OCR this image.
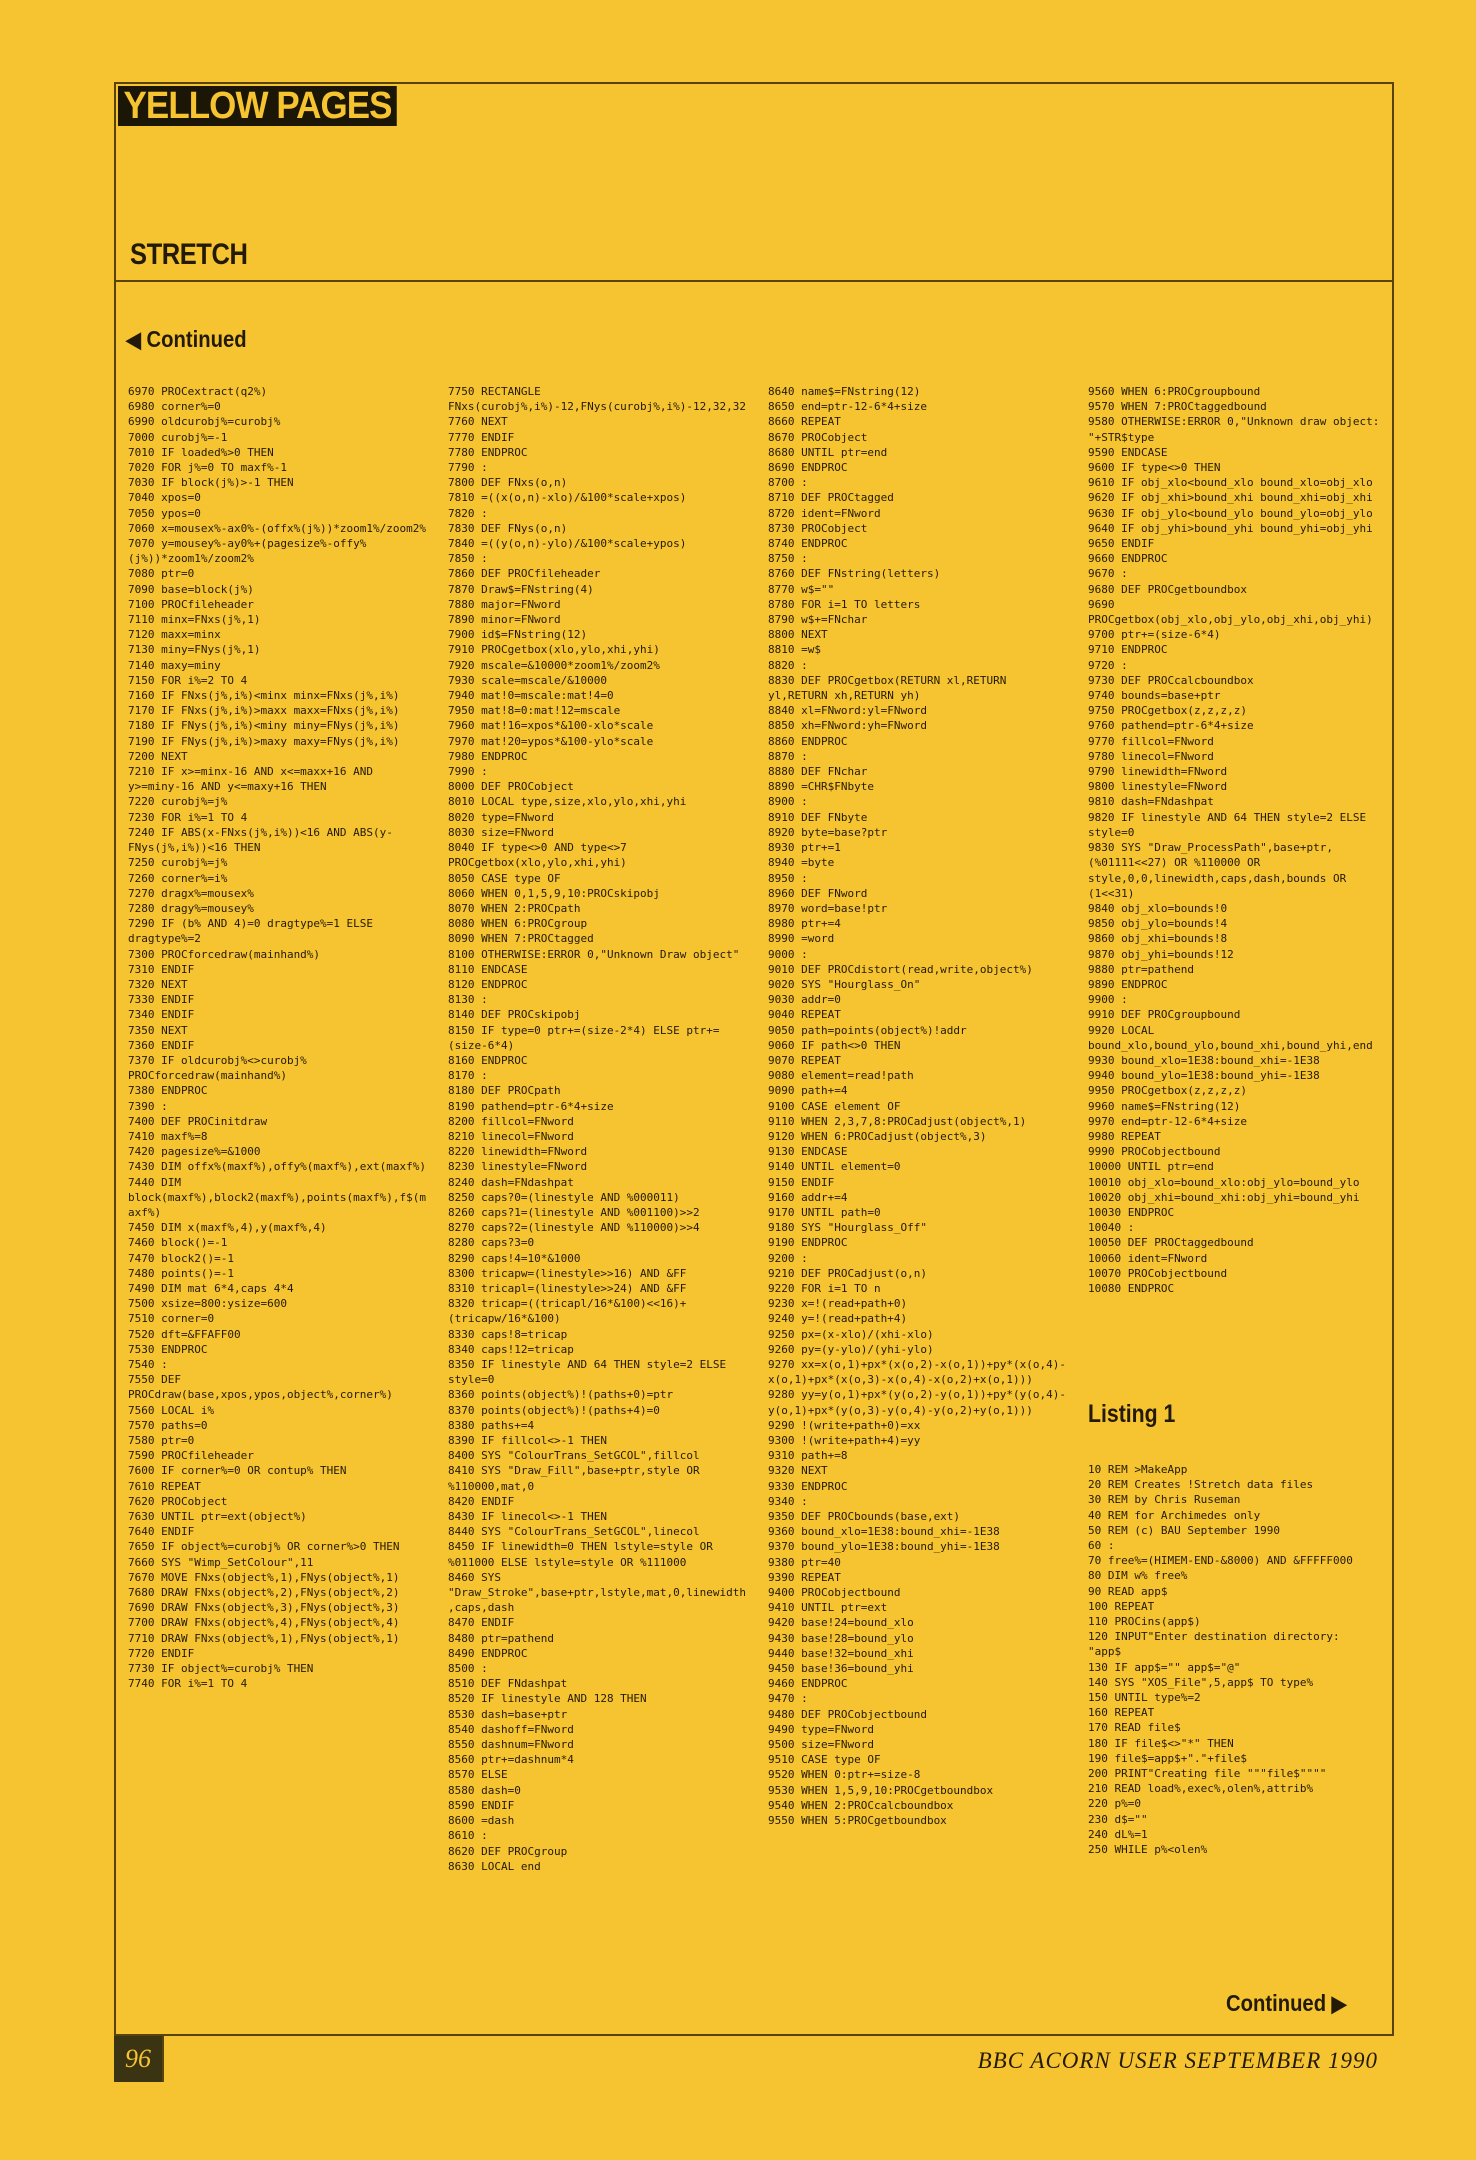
YELLOW PAGES
STRETCH
◀ Continued
6970 PROCextract(q2%)
6980 corner%=0
6990 oldcurobj%=curobj%
7000 curobj%=-1
7010 IF loaded%>0 THEN
7020 FOR j%=0 TO maxf%-1
7030 IF block(j%)>-1 THEN
7040 xpos=0
7050 ypos=0
7060 x=mousex%-ax0%-(offx%(j%))*zoom1%/zoom2%
7070 y=mousey%-ay0%+(pagesize%-offy%(j%))*zoom1%/zoom2%
7080 ptr=0
7090 base=block(j%)
7100 PROCfileheader
7110 minx=FNxs(j%,1)
7120 maxx=minx
7130 miny=FNys(j%,1)
7140 maxy=miny
7150 FOR i%=2 TO 4
7160 IF FNxs(j%,i%)<minx minx=FNxs(j%,i%)
7170 IF FNxs(j%,i%)>maxx maxx=FNxs(j%,i%)
7180 IF FNys(j%,i%)<miny miny=FNys(j%,i%)
7190 IF FNys(j%,i%)>maxy maxy=FNys(j%,i%)
7200 NEXT
7210 IF x>=minx-16 AND x<=maxx+16 AND y>=miny-16 AND y<=maxy+16 THEN
7220 curobj%=j%
7230 FOR i%=1 TO 4
7240 IF ABS(x-FNxs(j%,i%))<16 AND ABS(y-FNys(j%,i%))<16 THEN
7250 curobj%=j%
7260 corner%=i%
7270 dragx%=mousex%
7280 dragy%=mousey%
7290 IF (b% AND 4)=0 dragtype%=1 ELSE dragtype%=2
7300 PROCforcedraw(mainhand%)
7310 ENDIF
7320 NEXT
7330 ENDIF
7340 ENDIF
7350 NEXT
7360 ENDIF
7370 IF oldcurobj%<>curobj% PROCforcedraw(mainhand%)
7380 ENDPROC
7390 :
7400 DEF PROCinitdraw
7410 maxf%=8
7420 pagesize%=&1000
7430 DIM offx%(maxf%),offy%(maxf%),ext(maxf%)
7440 DIM block(maxf%),block2(maxf%),points(maxf%),f$(maxf%)
7450 DIM x(maxf%,4),y(maxf%,4)
7460 block()=-1
7470 block2()=-1
7480 points()=-1
7490 DIM mat 6*4,caps 4*4
7500 xsize=800:ysize=600
7510 corner=0
7520 dft=&FFAFF00
7530 ENDPROC
7540 :
7550 DEF PROCdraw(base,xpos,ypos,object%,corner%)
7560 LOCAL i%
7570 paths=0
7580 ptr=0
7590 PROCfileheader
7600 IF corner%=0 OR contup% THEN
7610 REPEAT
7620 PROCobject
7630 UNTIL ptr=ext(object%)
7640 ENDIF
7650 IF object%=curobj% OR corner%>0 THEN
7660 SYS "Wimp_SetColour",11
7670 MOVE FNxs(object%,1),FNys(object%,1)
7680 DRAW FNxs(object%,2),FNys(object%,2)
7690 DRAW FNxs(object%,3),FNys(object%,3)
7700 DRAW FNxs(object%,4),FNys(object%,4)
7710 DRAW FNxs(object%,1),FNys(object%,1)
7720 ENDIF
7730 IF object%=curobj% THEN
7740 FOR i%=1 TO 4
7750 RECTANGLE FNxs(curobj%,i%)-12,FNys(curobj%,i%)-12,32,32
7760 NEXT
7770 ENDIF
7780 ENDPROC
7790 :
7800 DEF FNxs(o,n)
7810 =((x(o,n)-xlo)/&100*scale+xpos)
7820 :
7830 DEF FNys(o,n)
7840 =((y(o,n)-ylo)/&100*scale+ypos)
7850 :
7860 DEF PROCfileheader
7870 Draw$=FNstring(4)
7880 major=FNword
7890 minor=FNword
7900 id$=FNstring(12)
7910 PROCgetbox(xlo,ylo,xhi,yhi)
7920 mscale=&10000*zoom1%/zoom2%
7930 scale=mscale/&10000
7940 mat!0=mscale:mat!4=0
7950 mat!8=0:mat!12=mscale
7960 mat!16=xpos*&100-xlo*scale
7970 mat!20=ypos*&100-ylo*scale
7980 ENDPROC
7990 :
8000 DEF PROCobject
8010 LOCAL type,size,xlo,ylo,xhi,yhi
8020 type=FNword
8030 size=FNword
8040 IF type<>0 AND type<>7 PROCgetbox(xlo,ylo,xhi,yhi)
8050 CASE type OF
8060 WHEN 0,1,5,9,10:PROCskipobj
8070 WHEN 2:PROCpath
8080 WHEN 6:PROCgroup
8090 WHEN 7:PROCtagged
8100 OTHERWISE:ERROR 0,"Unknown Draw object"
8110 ENDCASE
8120 ENDPROC
8130 :
8140 DEF PROCskipobj
8150 IF type=0 ptr+=(size-2*4) ELSE ptr+=(size-6*4)
8160 ENDPROC
8170 :
8180 DEF PROCpath
8190 pathend=ptr-6*4+size
8200 fillcol=FNword
8210 linecol=FNword
8220 linewidth=FNword
8230 linestyle=FNword
8240 dash=FNdashpat
8250 caps?0=(linestyle AND %000011)
8260 caps?1=(linestyle AND %001100)>>2
8270 caps?2=(linestyle AND %110000)>>4
8280 caps?3=0
8290 caps!4=10*&1000
8300 tricapw=(linestyle>>16) AND &FF
8310 tricapl=(linestyle>>24) AND &FF
8320 tricap=((tricapl/16*&100)<<16)+(tricapw/16*&100)
8330 caps!8=tricap
8340 caps!12=tricap
8350 IF linestyle AND 64 THEN style=2 ELSE style=0
8360 points(object%)!(paths+0)=ptr
8370 points(object%)!(paths+4)=0
8380 paths+=4
8390 IF fillcol<>-1 THEN
8400 SYS "ColourTrans_SetGCOL",fillcol
8410 SYS "Draw_Fill",base+ptr,style OR %110000,mat,0
8420 ENDIF
8430 IF linecol<>-1 THEN
8440 SYS "ColourTrans_SetGCOL",linecol
8450 IF linewidth=0 THEN lstyle=style OR %011000 ELSE lstyle=style OR %111000
8460 SYS "Draw_Stroke",base+ptr,lstyle,mat,0,linewidth,caps,dash
8470 ENDIF
8480 ptr=pathend
8490 ENDPROC
8500 :
8510 DEF FNdashpat
8520 IF linestyle AND 128 THEN
8530 dash=base+ptr
8540 dashoff=FNword
8550 dashnum=FNword
8560 ptr+=dashnum*4
8570 ELSE
8580 dash=0
8590 ENDIF
8600 =dash
8610 :
8620 DEF PROCgroup
8630 LOCAL end
8640 name$=FNstring(12)
8650 end=ptr-12-6*4+size
8660 REPEAT
8670 PROCobject
8680 UNTIL ptr=end
8690 ENDPROC
8700 :
8710 DEF PROCtagged
8720 ident=FNword
8730 PROCobject
8740 ENDPROC
8750 :
8760 DEF FNstring(letters)
8770 w$=""
8780 FOR i=1 TO letters
8790 w$+=FNchar
8800 NEXT
8810 =w$
8820 :
8830 DEF PROCgetbox(RETURN xl,RETURN yl,RETURN xh,RETURN yh)
8840 xl=FNword:yl=FNword
8850 xh=FNword:yh=FNword
8860 ENDPROC
8870 :
8880 DEF FNchar
8890 =CHR$FNbyte
8900 :
8910 DEF FNbyte
8920 byte=base?ptr
8930 ptr+=1
8940 =byte
8950 :
8960 DEF FNword
8970 word=base!ptr
8980 ptr+=4
8990 =word
9000 :
9010 DEF PROCdistort(read,write,object%)
9020 SYS "Hourglass_On"
9030 addr=0
9040 REPEAT
9050 path=points(object%)!addr
9060 IF path<>0 THEN
9070 REPEAT
9080 element=read!path
9090 path+=4
9100 CASE element OF
9110 WHEN 2,3,7,8:PROCadjust(object%,1)
9120 WHEN 6:PROCadjust(object%,3)
9130 ENDCASE
9140 UNTIL element=0
9150 ENDIF
9160 addr+=4
9170 UNTIL path=0
9180 SYS "Hourglass_Off"
9190 ENDPROC
9200 :
9210 DEF PROCadjust(o,n)
9220 FOR i=1 TO n
9230 x=!(read+path+0)
9240 y=!(read+path+4)
9250 px=(x-xlo)/(xhi-xlo)
9260 py=(y-ylo)/(yhi-ylo)
9270 xx=x(o,1)+px*(x(o,2)-x(o,1))+py*(x(o,4)-x(o,1)+px*(x(o,3)-x(o,4)-x(o,2)+x(o,1)))
9280 yy=y(o,1)+px*(y(o,2)-y(o,1))+py*(y(o,4)-y(o,1)+px*(y(o,3)-y(o,4)-y(o,2)+y(o,1)))
9290 !(write+path+0)=xx
9300 !(write+path+4)=yy
9310 path+=8
9320 NEXT
9330 ENDPROC
9340 :
9350 DEF PROCbounds(base,ext)
9360 bound_xlo=1E38:bound_xhi=-1E38
9370 bound_ylo=1E38:bound_yhi=-1E38
9380 ptr=40
9390 REPEAT
9400 PROCobjectbound
9410 UNTIL ptr=ext
9420 base!24=bound_xlo
9430 base!28=bound_ylo
9440 base!32=bound_xhi
9450 base!36=bound_yhi
9460 ENDPROC
9470 :
9480 DEF PROCobjectbound
9490 type=FNword
9500 size=FNword
9510 CASE type OF
9520 WHEN 0:ptr+=size-8
9530 WHEN 1,5,9,10:PROCgetboundbox
9540 WHEN 2:PROCcalcboundbox
9550 WHEN 5:PROCgetboundbox
9560 WHEN 6:PROCgroupbound
9570 WHEN 7:PROCtaggedbound
9580 OTHERWISE:ERROR 0,"Unknown draw object: "+STR$type
9590 ENDCASE
9600 IF type<>0 THEN
9610 IF obj_xlo<bound_xlo bound_xlo=obj_xlo
9620 IF obj_xhi>bound_xhi bound_xhi=obj_xhi
9630 IF obj_ylo<bound_ylo bound_ylo=obj_ylo
9640 IF obj_yhi>bound_yhi bound_yhi=obj_yhi
9650 ENDIF
9660 ENDPROC
9670 :
9680 DEF PROCgetboundbox
9690 PROCgetbox(obj_xlo,obj_ylo,obj_xhi,obj_yhi)
9700 ptr+=(size-6*4)
9710 ENDPROC
9720 :
9730 DEF PROCcalcboundbox
9740 bounds=base+ptr
9750 PROCgetbox(z,z,z,z)
9760 pathend=ptr-6*4+size
9770 fillcol=FNword
9780 linecol=FNword
9790 linewidth=FNword
9800 linestyle=FNword
9810 dash=FNdashpat
9820 IF linestyle AND 64 THEN style=2 ELSE style=0
9830 SYS "Draw_ProcessPath",base+ptr,(%01111<<27) OR %110000 OR style,0,0,linewidth,caps,dash,bounds OR (1<<31)
9840 obj_xlo=bounds!0
9850 obj_ylo=bounds!4
9860 obj_xhi=bounds!8
9870 obj_yhi=bounds!12
9880 ptr=pathend
9890 ENDPROC
9900 :
9910 DEF PROCgroupbound
9920 LOCAL bound_xlo,bound_ylo,bound_xhi,bound_yhi,end
9930 bound_xlo=1E38:bound_xhi=-1E38
9940 bound_ylo=1E38:bound_yhi=-1E38
9950 PROCgetbox(z,z,z,z)
9960 name$=FNstring(12)
9970 end=ptr-12-6*4+size
9980 REPEAT
9990 PROCobjectbound
10000 UNTIL ptr=end
10010 obj_xlo=bound_xlo:obj_ylo=bound_ylo
10020 obj_xhi=bound_xhi:obj_yhi=bound_yhi
10030 ENDPROC
10040 :
10050 DEF PROCtaggedbound
10060 ident=FNword
10070 PROCobjectbound
10080 ENDPROC
Listing 1
10 REM >MakeApp
20 REM Creates !Stretch data files
30 REM by Chris Ruseman
40 REM for Archimedes only
50 REM (c) BAU September 1990
60 :
70 free%=(HIMEM-END-&8000) AND &FFFFF000
80 DIM w% free%
90 READ app$
100 REPEAT
110 PROCins(app$)
120 INPUT"Enter destination directory: "app$
130 IF app$="" app$="@"
140 SYS "XOS_File",5,app$ TO type%
150 UNTIL type%=2
160 REPEAT
170 READ file$
180 IF file$<>"*" THEN
190 file$=app$+"."+file$
200 PRINT"Creating file """file$""""
210 READ load%,exec%,olen%,attrib%
220 p%=0
230 d$=""
240 dL%=1
250 WHILE p%<olen%
Continued ▶
96	BBC ACORN USER SEPTEMBER 1990
